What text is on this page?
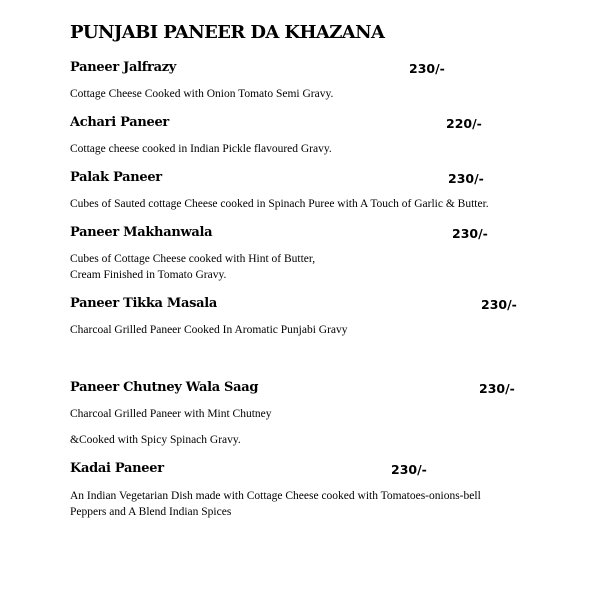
PUNJABI PANEER DA KHAZANA
Paneer Jalfrazy	230/-
Cottage Cheese Cooked with Onion Tomato Semi Gravy.
Achari Paneer	220/-
Cottage cheese cooked in Indian Pickle flavoured Gravy.
Palak Paneer	230/-
Cubes of Sauted cottage Cheese cooked in Spinach Puree with A Touch of Garlic & Butter.
Paneer Makhanwala	230/-
Cubes of Cottage Cheese cooked with Hint of Butter,
Cream Finished in Tomato Gravy.
Paneer Tikka Masala	230/-
Charcoal Grilled Paneer Cooked In Aromatic Punjabi Gravy
Paneer Chutney Wala Saag	230/-
Charcoal Grilled Paneer with Mint Chutney
&Cooked with Spicy Spinach Gravy.
Kadai Paneer	230/-
An Indian Vegetarian Dish made with Cottage Cheese cooked with Tomatoes-onions-bell
Peppers and A Blend Indian Spices
